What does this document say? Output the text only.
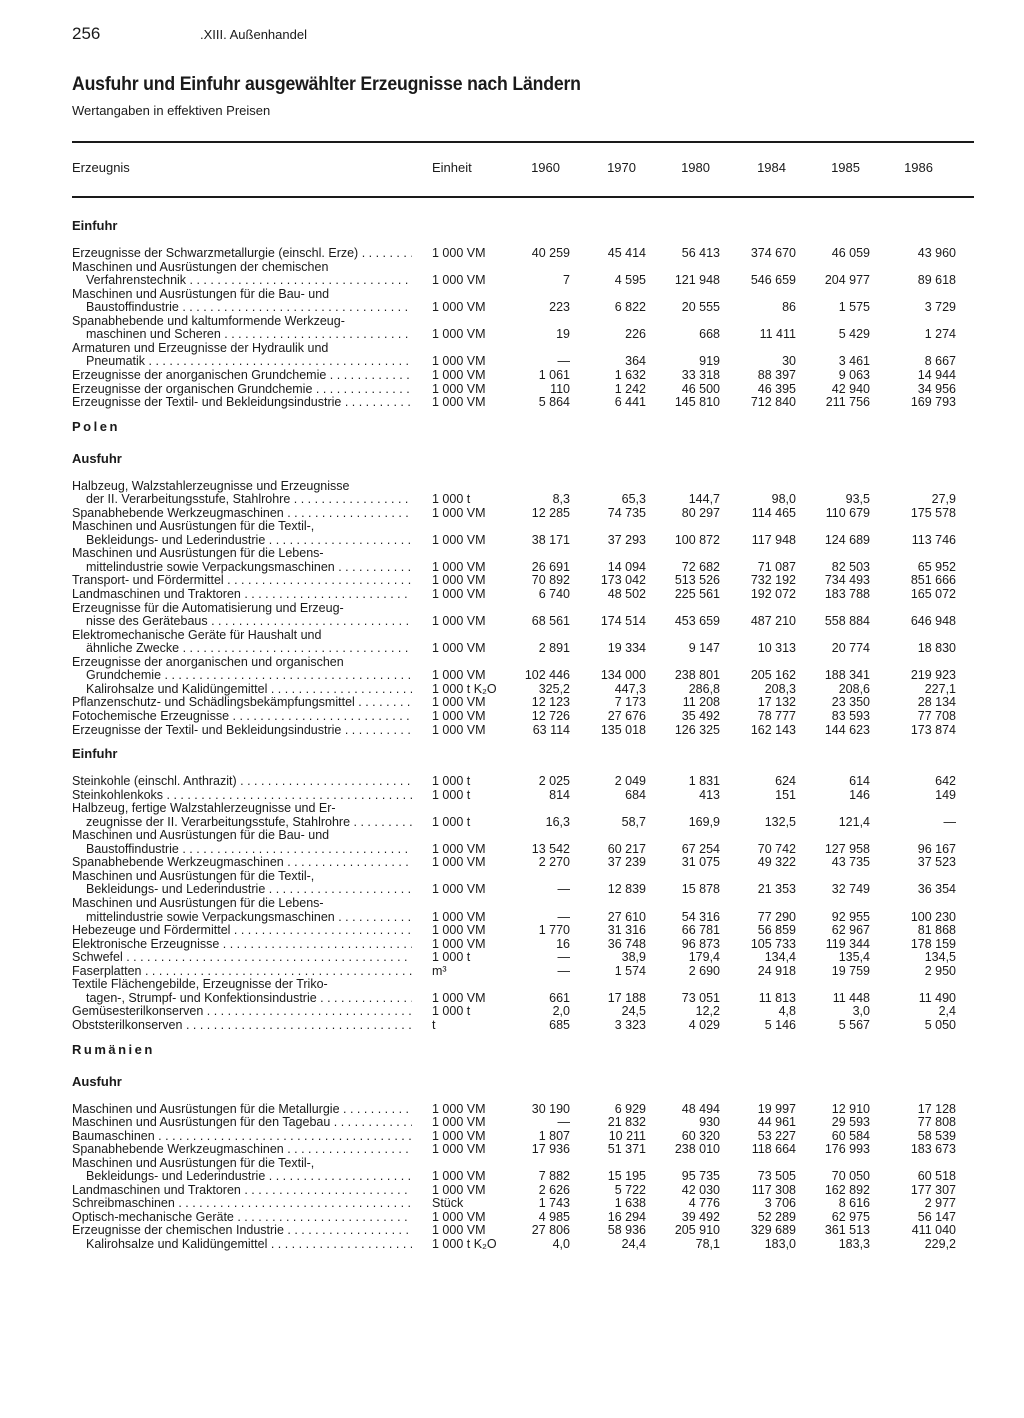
256	.XIII. Außenhandel
Ausfuhr und Einfuhr ausgewählter Erzeugnisse nach Ländern
Wertangaben in effektiven Preisen
Erzeugnis	Einheit	1960	1970	1980	1984	1985	1986
Einfuhr
Erzeugnisse der Schwarzmetallurgie (einschl. Erze) . . .	1 000 VM	40 259	45 414	56 413	374 670	46 059	43 960
Maschinen und Ausrüstungen der chemischen
Verfahrenstechnik . . .	1 000 VM	7	4 595	121 948	546 659	204 977	89 618
Maschinen und Ausrüstungen für die Bau- und
Baustoffindustrie . . .	1 000 VM	223	6 822	20 555	86	1 575	3 729
Spanabhebende und kaltumformende Werkzeug-
maschinen und Scheren . . .	1 000 VM	19	226	668	11 411	5 429	1 274
Armaturen und Erzeugnisse der Hydraulik und
Pneumatik . . .	1 000 VM	—	364	919	30	3 461	8 667
Erzeugnisse der anorganischen Grundchemie . . .	1 000 VM	1 061	1 632	33 318	88 397	9 063	14 944
Erzeugnisse der organischen Grundchemie . . .	1 000 VM	110	1 242	46 500	46 395	42 940	34 956
Erzeugnisse der Textil- und Bekleidungsindustrie . . .	1 000 VM	5 864	6 441	145 810	712 840	211 756	169 793
Polen
Ausfuhr
Halbzeug, Walzstahlerzeugnisse und Erzeugnisse
der II. Verarbeitungsstufe, Stahlrohre . . .	1 000 t	8,3	65,3	144,7	98,0	93,5	27,9
Spanabhebende Werkzeugmaschinen . . .	1 000 VM	12 285	74 735	80 297	114 465	110 679	175 578
Maschinen und Ausrüstungen für die Textil-,
Bekleidungs- und Lederindustrie . . .	1 000 VM	38 171	37 293	100 872	117 948	124 689	113 746
Maschinen und Ausrüstungen für die Lebens-
mittelindustrie sowie Verpackungsmaschinen . . .	1 000 VM	26 691	14 094	72 682	71 087	82 503	65 952
Transport- und Fördermittel . . .	1 000 VM	70 892	173 042	513 526	732 192	734 493	851 666
Landmaschinen und Traktoren . . .	1 000 VM	6 740	48 502	225 561	192 072	183 788	165 072
Erzeugnisse für die Automatisierung und Erzeug-
nisse des Gerätebaus . . .	1 000 VM	68 561	174 514	453 659	487 210	558 884	646 948
Elektromechanische Geräte für Haushalt und
ähnliche Zwecke . . .	1 000 VM	2 891	19 334	9 147	10 313	20 774	18 830
Erzeugnisse der anorganischen und organischen
Grundchemie . . .	1 000 VM	102 446	134 000	238 801	205 162	188 341	219 923
Kalirohsalze und Kalidüngemittel . . .	1 000 t K₂O	325,2	447,3	286,8	208,3	208,6	227,1
Pflanzenschutz- und Schädlingsbekämpfungsmittel . . .	1 000 VM	12 123	7 173	11 208	17 132	23 350	28 134
Fotochemische Erzeugnisse . . .	1 000 VM	12 726	27 676	35 492	78 777	83 593	77 708
Erzeugnisse der Textil- und Bekleidungsindustrie . . .	1 000 VM	63 114	135 018	126 325	162 143	144 623	173 874
Einfuhr
Steinkohle (einschl. Anthrazit) . . .	1 000 t	2 025	2 049	1 831	624	614	642
Steinkohlenkoks . . .	1 000 t	814	684	413	151	146	149
Halbzeug, fertige Walzstahlerzeugnisse und Er-
zeugnisse der II. Verarbeitungsstufe, Stahlrohre . . .	1 000 t	16,3	58,7	169,9	132,5	121,4	—
Maschinen und Ausrüstungen für die Bau- und
Baustoffindustrie . . .	1 000 VM	13 542	60 217	67 254	70 742	127 958	96 167
Spanabhebende Werkzeugmaschinen . . .	1 000 VM	2 270	37 239	31 075	49 322	43 735	37 523
Maschinen und Ausrüstungen für die Textil-,
Bekleidungs- und Lederindustrie . . .	1 000 VM	—	12 839	15 878	21 353	32 749	36 354
Maschinen und Ausrüstungen für die Lebens-
mittelindustrie sowie Verpackungsmaschinen . . .	1 000 VM	—	27 610	54 316	77 290	92 955	100 230
Hebezeuge und Fördermittel . . .	1 000 VM	1 770	31 316	66 781	56 859	62 967	81 868
Elektronische Erzeugnisse . . .	1 000 VM	16	36 748	96 873	105 733	119 344	178 159
Schwefel . . .	1 000 t	—	38,9	179,4	134,4	135,4	134,5
Faserplatten . . .	m³	—	1 574	2 690	24 918	19 759	2 950
Textile Flächengebilde, Erzeugnisse der Triko-
tagen-, Strumpf- und Konfektionsindustrie . . .	1 000 VM	661	17 188	73 051	11 813	11 448	11 490
Gemüsesterilkonserven . . .	1 000 t	2,0	24,5	12,2	4,8	3,0	2,4
Obststerilkonserven . . .	t	685	3 323	4 029	5 146	5 567	5 050
Rumänien
Ausfuhr
Maschinen und Ausrüstungen für die Metallurgie . . .	1 000 VM	30 190	6 929	48 494	19 997	12 910	17 128
Maschinen und Ausrüstungen für den Tagebau . . .	1 000 VM	—	21 832	930	44 961	29 593	77 808
Baumaschinen . . .	1 000 VM	1 807	10 211	60 320	53 227	60 584	58 539
Spanabhebende Werkzeugmaschinen . . .	1 000 VM	17 936	51 371	238 010	118 664	176 993	183 673
Maschinen und Ausrüstungen für die Textil-,
Bekleidungs- und Lederindustrie . . .	1 000 VM	7 882	15 195	95 735	73 505	70 050	60 518
Landmaschinen und Traktoren . . .	1 000 VM	2 626	5 722	42 030	117 308	162 892	177 307
Schreibmaschinen . . .	Stück	1 743	1 638	4 776	3 706	8 616	2 977
Optisch-mechanische Geräte . . .	1 000 VM	4 985	16 294	39 492	52 289	62 975	56 147
Erzeugnisse der chemischen Industrie . . .	1 000 VM	27 806	58 936	205 910	329 689	361 513	411 040
Kalirohsalze und Kalidüngemittel . . .	1 000 t K₂O	4,0	24,4	78,1	183,0	183,3	229,2
